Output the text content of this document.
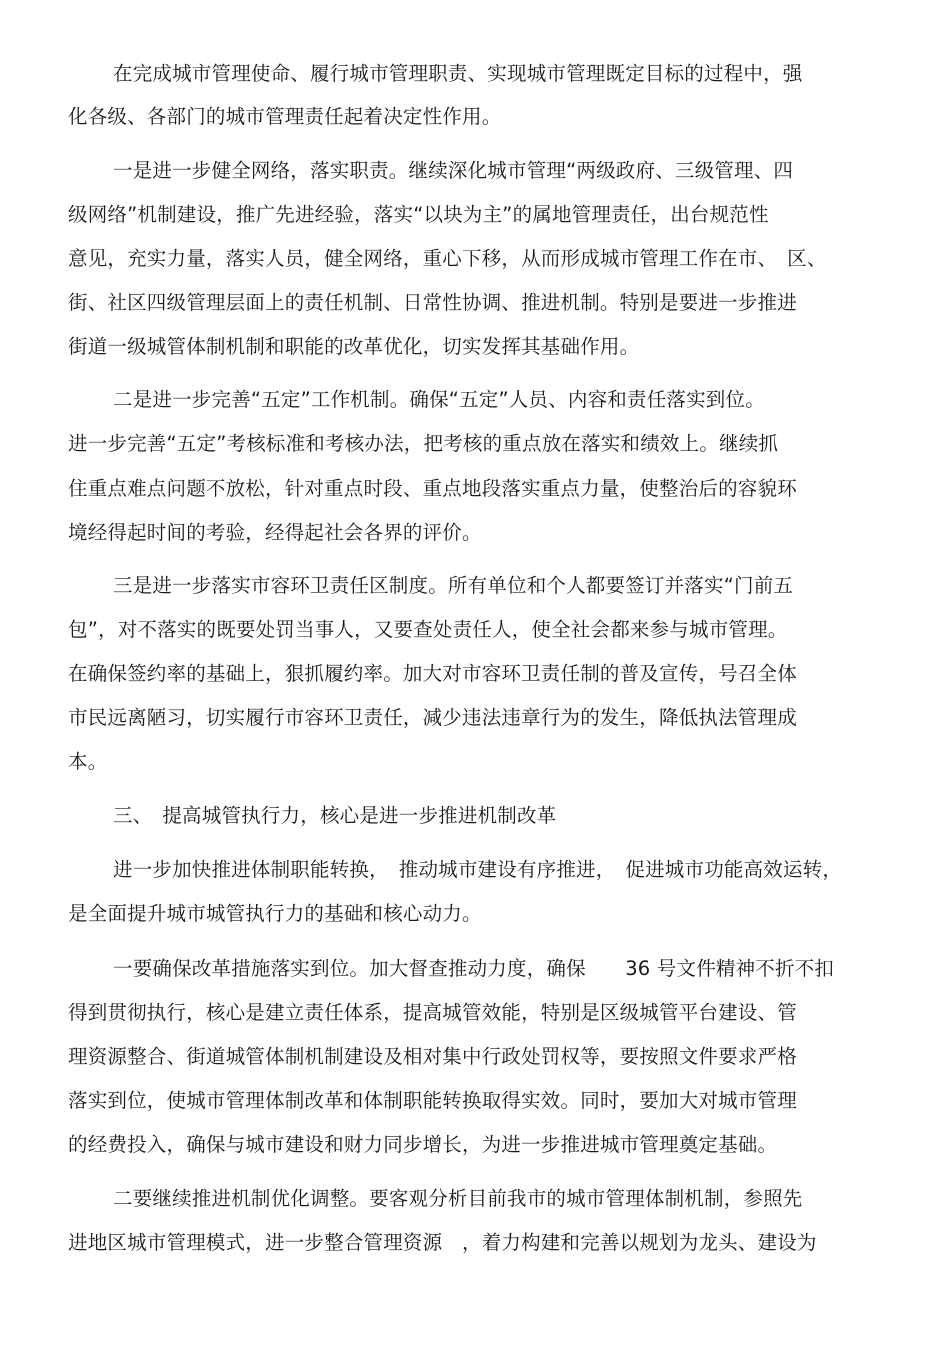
在完成城市管理使命、履行城市管理职责、实现城市管理既定目标的过程中，强
化各级、各部门的城市管理责任起着决定性作用。
一是进一步健全网络，落实职责。继续深化城市管理“两级政府、三级管理、四
级网络”机制建设，推广先进经验，落实“以块为主”的属地管理责任，出台规范性
意见，充实力量，落实人员，健全网络，重心下移，从而形成城市管理工作在市、　区、
街、社区四级管理层面上的责任机制、日常性协调、推进机制。特别是要进一步推进
街道一级城管体制机制和职能的改革优化，切实发挥其基础作用。
二是进一步完善“五定”工作机制。确保“五定”人员、内容和责任落实到位。
进一步完善“五定”考核标准和考核办法，把考核的重点放在落实和绩效上。继续抓
住重点难点问题不放松，针对重点时段、重点地段落实重点力量，使整治后的容貌环
境经得起时间的考验，经得起社会各界的评价。
三是进一步落实市容环卫责任区制度。所有单位和个人都要签订并落实“门前五
包”，对不落实的既要处罚当事人，又要查处责任人，使全社会都来参与城市管理。
在确保签约率的基础上，狠抓履约率。加大对市容环卫责任制的普及宣传，号召全体
市民远离陋习，切实履行市容环卫责任，减少违法违章行为的发生，降低执法管理成
本。
三、　提高城管执行力，核心是进一步推进机制改革
进一步加快推进体制职能转换，　推动城市建设有序推进，　促进城市功能高效运转，
是全面提升城市城管执行力的基础和核心动力。
一要确保改革措施落实到位。加大督查推动力度，确保　　36 号文件精神不折不扣
得到贯彻执行，核心是建立责任体系，提高城管效能，特别是区级城管平台建设、管
理资源整合、街道城管体制机制建设及相对集中行政处罚权等，要按照文件要求严格
落实到位，使城市管理体制改革和体制职能转换取得实效。同时，要加大对城市管理
的经费投入，确保与城市建设和财力同步增长，为进一步推进城市管理奠定基础。
二要继续推进机制优化调整。要客观分析目前我市的城市管理体制机制，参照先
进地区城市管理模式，进一步整合管理资源　，着力构建和完善以规划为龙头、建设为
